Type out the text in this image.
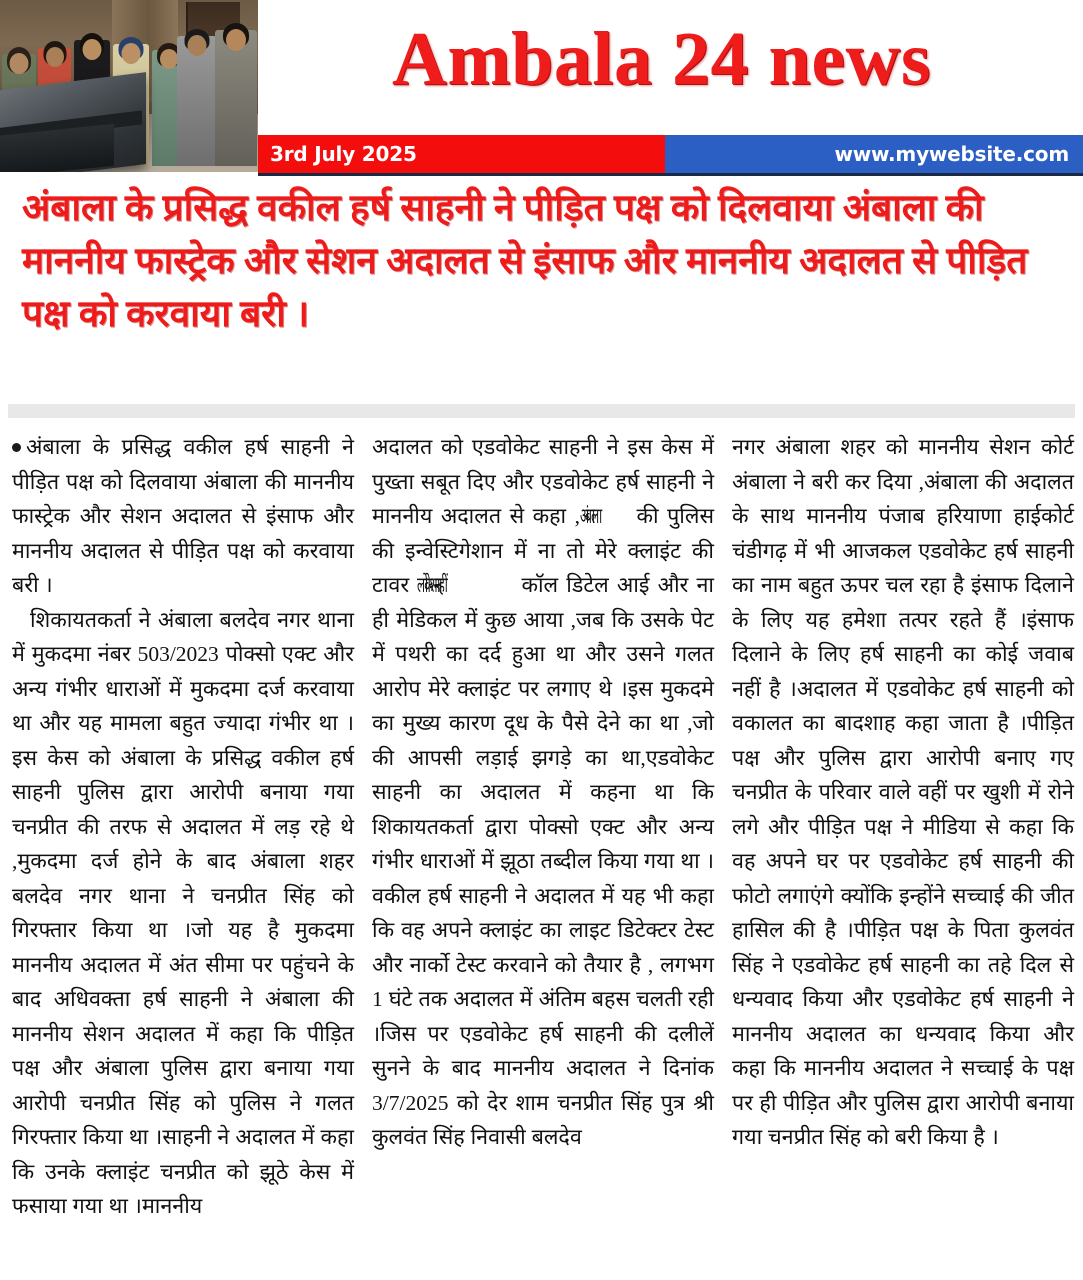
Ambala 24 news
3rd July 2025	www.mywebsite.com
अंबाला के प्रसिद्ध वकील हर्ष साहनी ने पीड़ित पक्ष को दिलवाया अंबाला की माननीय फास्ट्रेक और सेशन अदालत से इंसाफ और माननीय अदालत से पीड़ित पक्ष को करवाया बरी ।

अंबाला के प्रसिद्ध वकील हर्ष साहनी ने पीड़ित पक्ष को दिलवाया अंबाला की माननीय फास्ट्रेक और सेशन अदालत से इंसाफ और माननीय अदालत से पीड़ित पक्ष को करवाया बरी ।

शिकायतकर्ता ने अंबाला बलदेव नगर थाना में मुकदमा नंबर 503/2023 पोक्सो एक्ट और अन्य गंभीर धाराओं में मुकदमा दर्ज करवाया था और यह मामला बहुत ज्यादा गंभीर था ।इस केस को अंबाला के प्रसिद्ध वकील हर्ष साहनी पुलिस द्वारा आरोपी बनाया गया चनप्रीत की तरफ से अदालत में लड़ रहे थे ,मुकदमा दर्ज होने के बाद अंबाला शहर बलदेव नगर थाना ने चनप्रीत सिंह को गिरफ्तार किया था ।जो यह है मुकदमा माननीय अदालत में अंत सीमा पर पहुंचने के बाद अधिवक्ता हर्ष साहनी ने अंबाला की माननीय सेशन अदालत में कहा कि पीड़ित पक्ष और अंबाला पुलिस द्वारा बनाया गया आरोपी चनप्रीत सिंह को पुलिस ने गलत गिरफ्तार किया था ।साहनी ने अदालत में कहा कि उनके क्लाइंट चनप्रीत को झूठे केस में फसाया गया था ।माननीय

अदालत को एडवोकेट साहनी ने इस केस में पुख्ता सबूत दिए और एडवोकेट हर्ष साहनी ने माननीय अदालत से कहा ,अंबाला की पुलिस की इन्वेस्टिगेशान में ना तो मेरे क्लाइंट की टावर लोकेशन नहीं	कॉल डिटेल आई और ना ही मेडिकल में कुछ आया ,जब कि उसके पेट में पथरी का दर्द हुआ था और उसने गलत आरोप मेरे क्लाइंट पर लगाए थे ।इस मुकदमे का मुख्य कारण दूध के पैसे देने का था ,जो की आपसी लड़ाई झगड़े का था,एडवोकेट साहनी का अदालत में कहना था कि शिकायतकर्ता द्वारा पोक्सो एक्ट और अन्य गंभीर धाराओं में झूठा तब्दील किया गया था ।वकील हर्ष साहनी ने अदालत में यह भी कहा कि वह अपने क्लाइंट का लाइट डिटेक्टर टेस्ट और नार्को टेस्ट करवाने को तैयार है , लगभग 1 घंटे तक अदालत में अंतिम बहस चलती रही ।जिस पर एडवोकेट हर्ष साहनी की दलीलें सुनने के बाद माननीय अदालत ने दिनांक 3/7/2025 को देर शाम चनप्रीत सिंह पुत्र श्री कुलवंत सिंह निवासी बलदेव

नगर अंबाला शहर को माननीय सेशन कोर्ट अंबाला ने बरी कर दिया ,अंबाला की अदालत के साथ माननीय पंजाब हरियाणा हाईकोर्ट चंडीगढ़ में भी आजकल एडवोकेट हर्ष साहनी का नाम बहुत ऊपर चल रहा है इंसाफ दिलाने के लिए यह हमेशा तत्पर रहते हैं ।इंसाफ दिलाने के लिए हर्ष साहनी का कोई जवाब नहीं है ।अदालत में एडवोकेट हर्ष साहनी को वकालत का बादशाह कहा जाता है ।पीड़ित पक्ष और पुलिस द्वारा आरोपी बनाए गए चनप्रीत के परिवार वाले वहीं पर खुशी में रोने लगे और पीड़ित पक्ष ने मीडिया से कहा कि वह अपने घर पर एडवोकेट हर्ष साहनी की फोटो लगाएंगे क्योंकि इन्होंने सच्चाई की जीत हासिल की है ।पीड़ित पक्ष के पिता कुलवंत सिंह ने एडवोकेट हर्ष साहनी का तहे दिल से धन्यवाद किया और एडवोकेट हर्ष साहनी ने माननीय अदालत का धन्यवाद किया और कहा कि माननीय अदालत ने सच्चाई के पक्ष पर ही पीड़ित और पुलिस द्वारा आरोपी बनाया गया चनप्रीत सिंह को बरी किया है ।
